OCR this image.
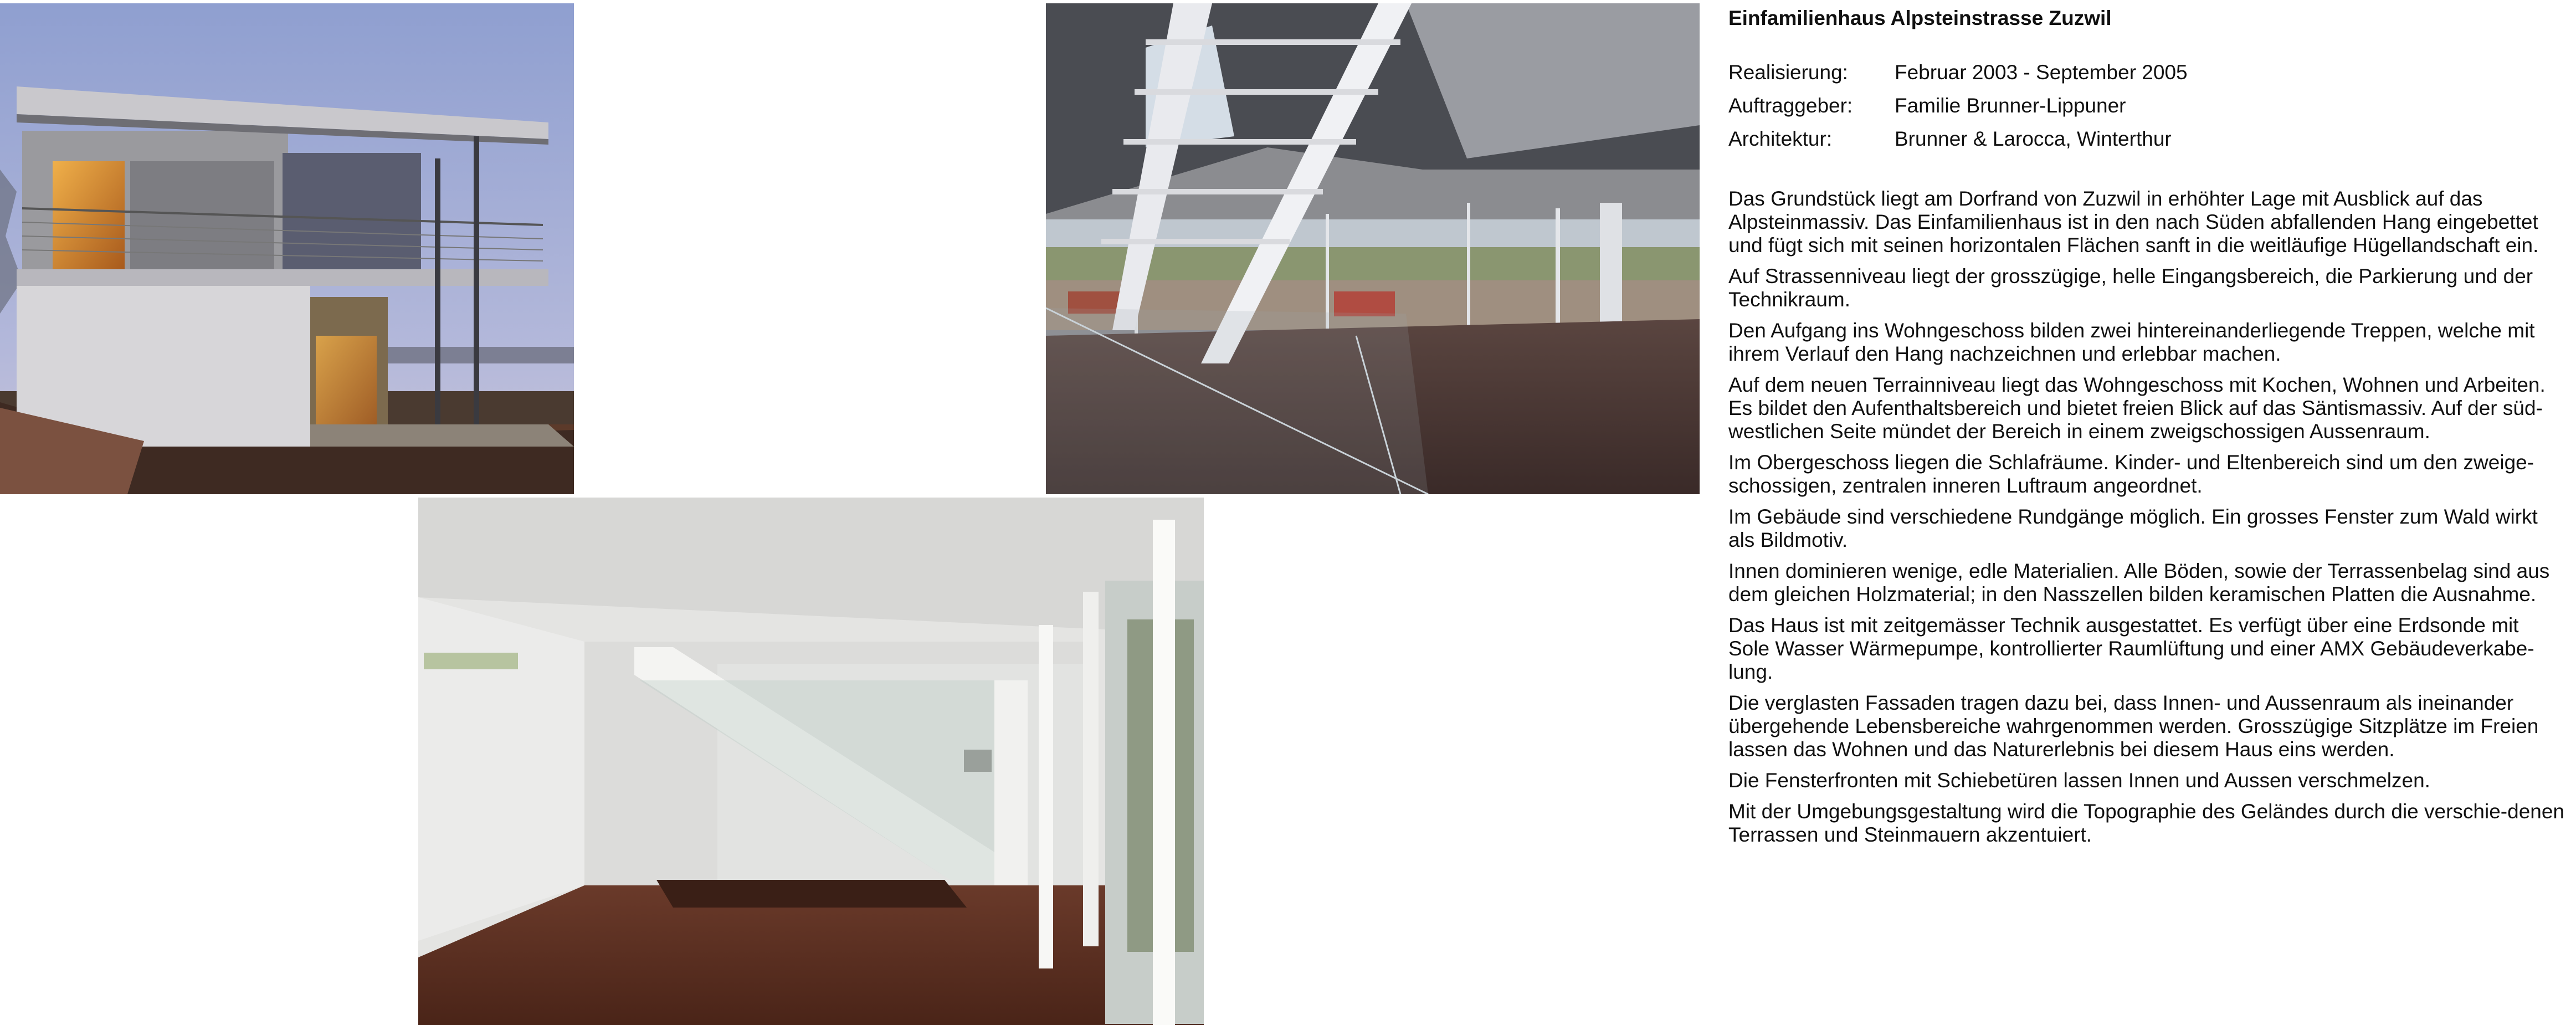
Einfamilienhaus Alpsteinstrasse Zuzwil
Realisierung:	Februar 2003 - September 2005
Auftraggeber:	Familie Brunner-Lippuner
Architektur:	Brunner & Larocca, Winterthur

Das Grundstück liegt am Dorfrand von Zuzwil in erhöhter Lage mit Ausblick auf das Alpsteinmassiv. Das Einfamilienhaus ist in den nach Süden abfallenden Hang eingebettet und fügt sich mit seinen horizontalen Flächen sanft in die weitläufige Hügellandschaft ein.

Auf Strassenniveau liegt der grosszügige, helle Eingangsbereich, die Parkierung und der Technikraum.

Den Aufgang ins Wohngeschoss bilden zwei hintereinanderliegende Treppen, welche mit ihrem Verlauf den Hang nachzeichnen und erlebbar machen.

Auf dem neuen Terrainniveau liegt das Wohngeschoss mit Kochen, Wohnen und Arbeiten. Es bildet den Aufenthaltsbereich und bietet freien Blick auf das Säntismassiv. Auf der süd-westlichen Seite mündet der Bereich in einem zweigschossigen Aussenraum.

Im Obergeschoss liegen die Schlafräume. Kinder- und Eltenbereich sind um den zweige-schossigen, zentralen inneren Luftraum angeordnet.

Im Gebäude sind verschiedene Rundgänge möglich. Ein grosses Fenster zum Wald wirkt als Bildmotiv.

Innen dominieren wenige, edle Materialien. Alle Böden, sowie der Terrassenbelag sind aus dem gleichen Holzmaterial; in den Nasszellen bilden keramischen Platten die Ausnahme.

Das Haus ist mit zeitgemässer Technik ausgestattet. Es verfügt über eine Erdsonde mit Sole Wasser Wärmepumpe, kontrollierter Raumlüftung und einer AMX Gebäudeverkabe-lung.

Die verglasten Fassaden tragen dazu bei, dass Innen- und Aussenraum als ineinander übergehende Lebensbereiche wahrgenommen werden. Grosszügige Sitzplätze im Freien lassen das Wohnen und das Naturerlebnis bei diesem Haus eins werden.

Die Fensterfronten mit Schiebetüren lassen Innen und Aussen verschmelzen.

Mit der Umgebungsgestaltung wird die Topographie des Geländes durch die verschie-denen Terrassen und Steinmauern akzentuiert.
